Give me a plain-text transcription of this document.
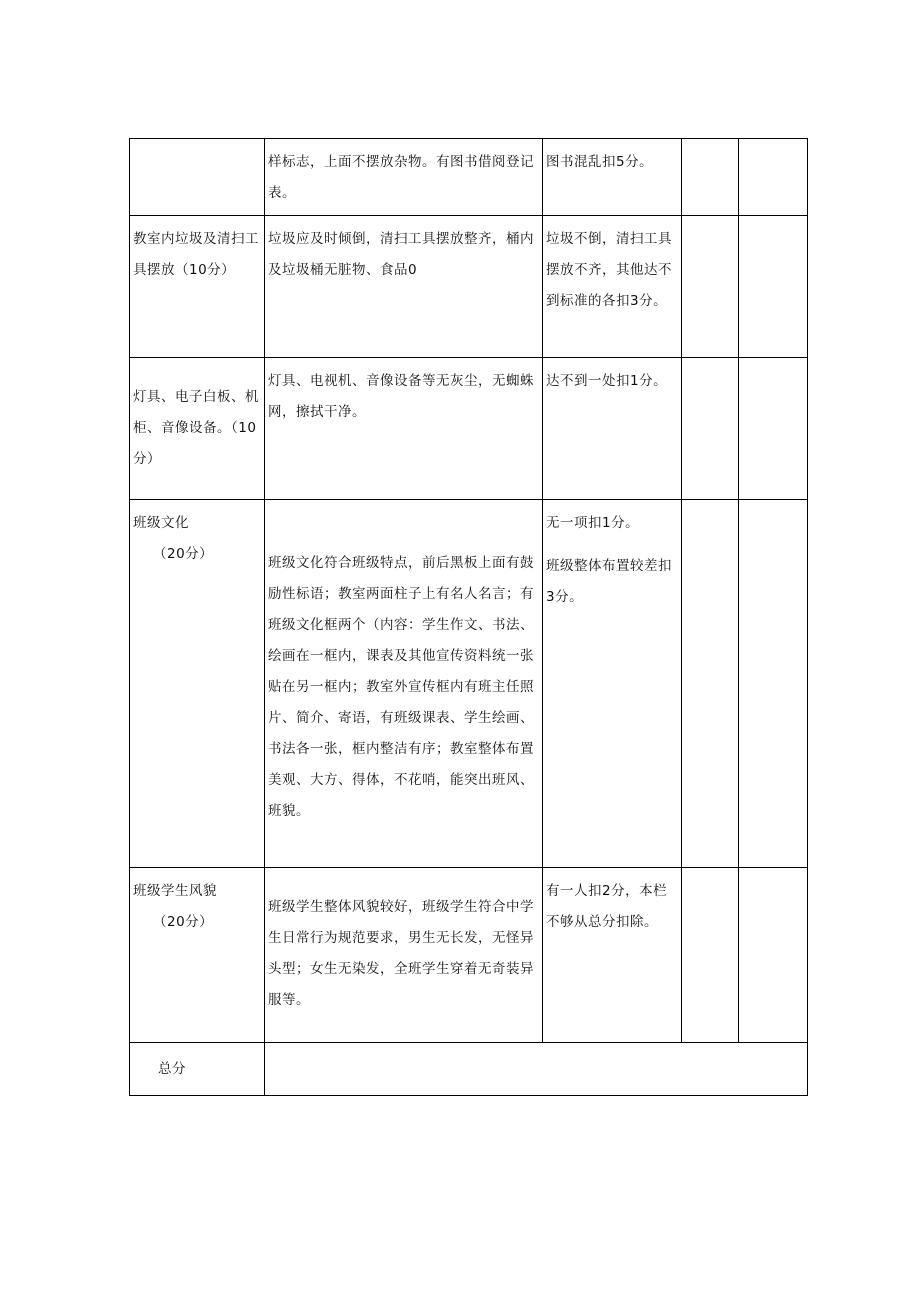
	样标志，上面不摆放杂物。有图书借阅登记表。	图书混乱扣5分。		

教室内垃圾及清扫工具摆放（10分）	垃圾应及时倾倒，清扫工具摆放整齐，桶内及垃圾桶无脏物、食品0	垃圾不倒，清扫工具摆放不齐，其他达不到标准的各扣3分。		

灯具、电子白板、机柜、音像设备。（10分）	灯具、电视机、音像设备等无灰尘，无蜘蛛网，擦拭干净。	达不到一处扣1分。		

班级文化
（20分）	班级文化符合班级特点，前后黑板上面有鼓励性标语；教室两面柱子上有名人名言；有班级文化框两个（内容：学生作文、书法、绘画在一框内，课表及其他宣传资料统一张贴在另一框内；教室外宣传框内有班主任照片、简介、寄语，有班级课表、学生绘画、书法各一张，框内整洁有序；教室整体布置美观、大方、得体，不花哨，能突出班风、班貌。	无一项扣1分。
班级整体布置较差扣3分。		

班级学生风貌
（20分）	班级学生整体风貌较好，班级学生符合中学生日常行为规范要求，男生无长发，无怪异头型；女生无染发，全班学生穿着无奇装异服等。	有一人扣2分，本栏不够从总分扣除。		

总分				
